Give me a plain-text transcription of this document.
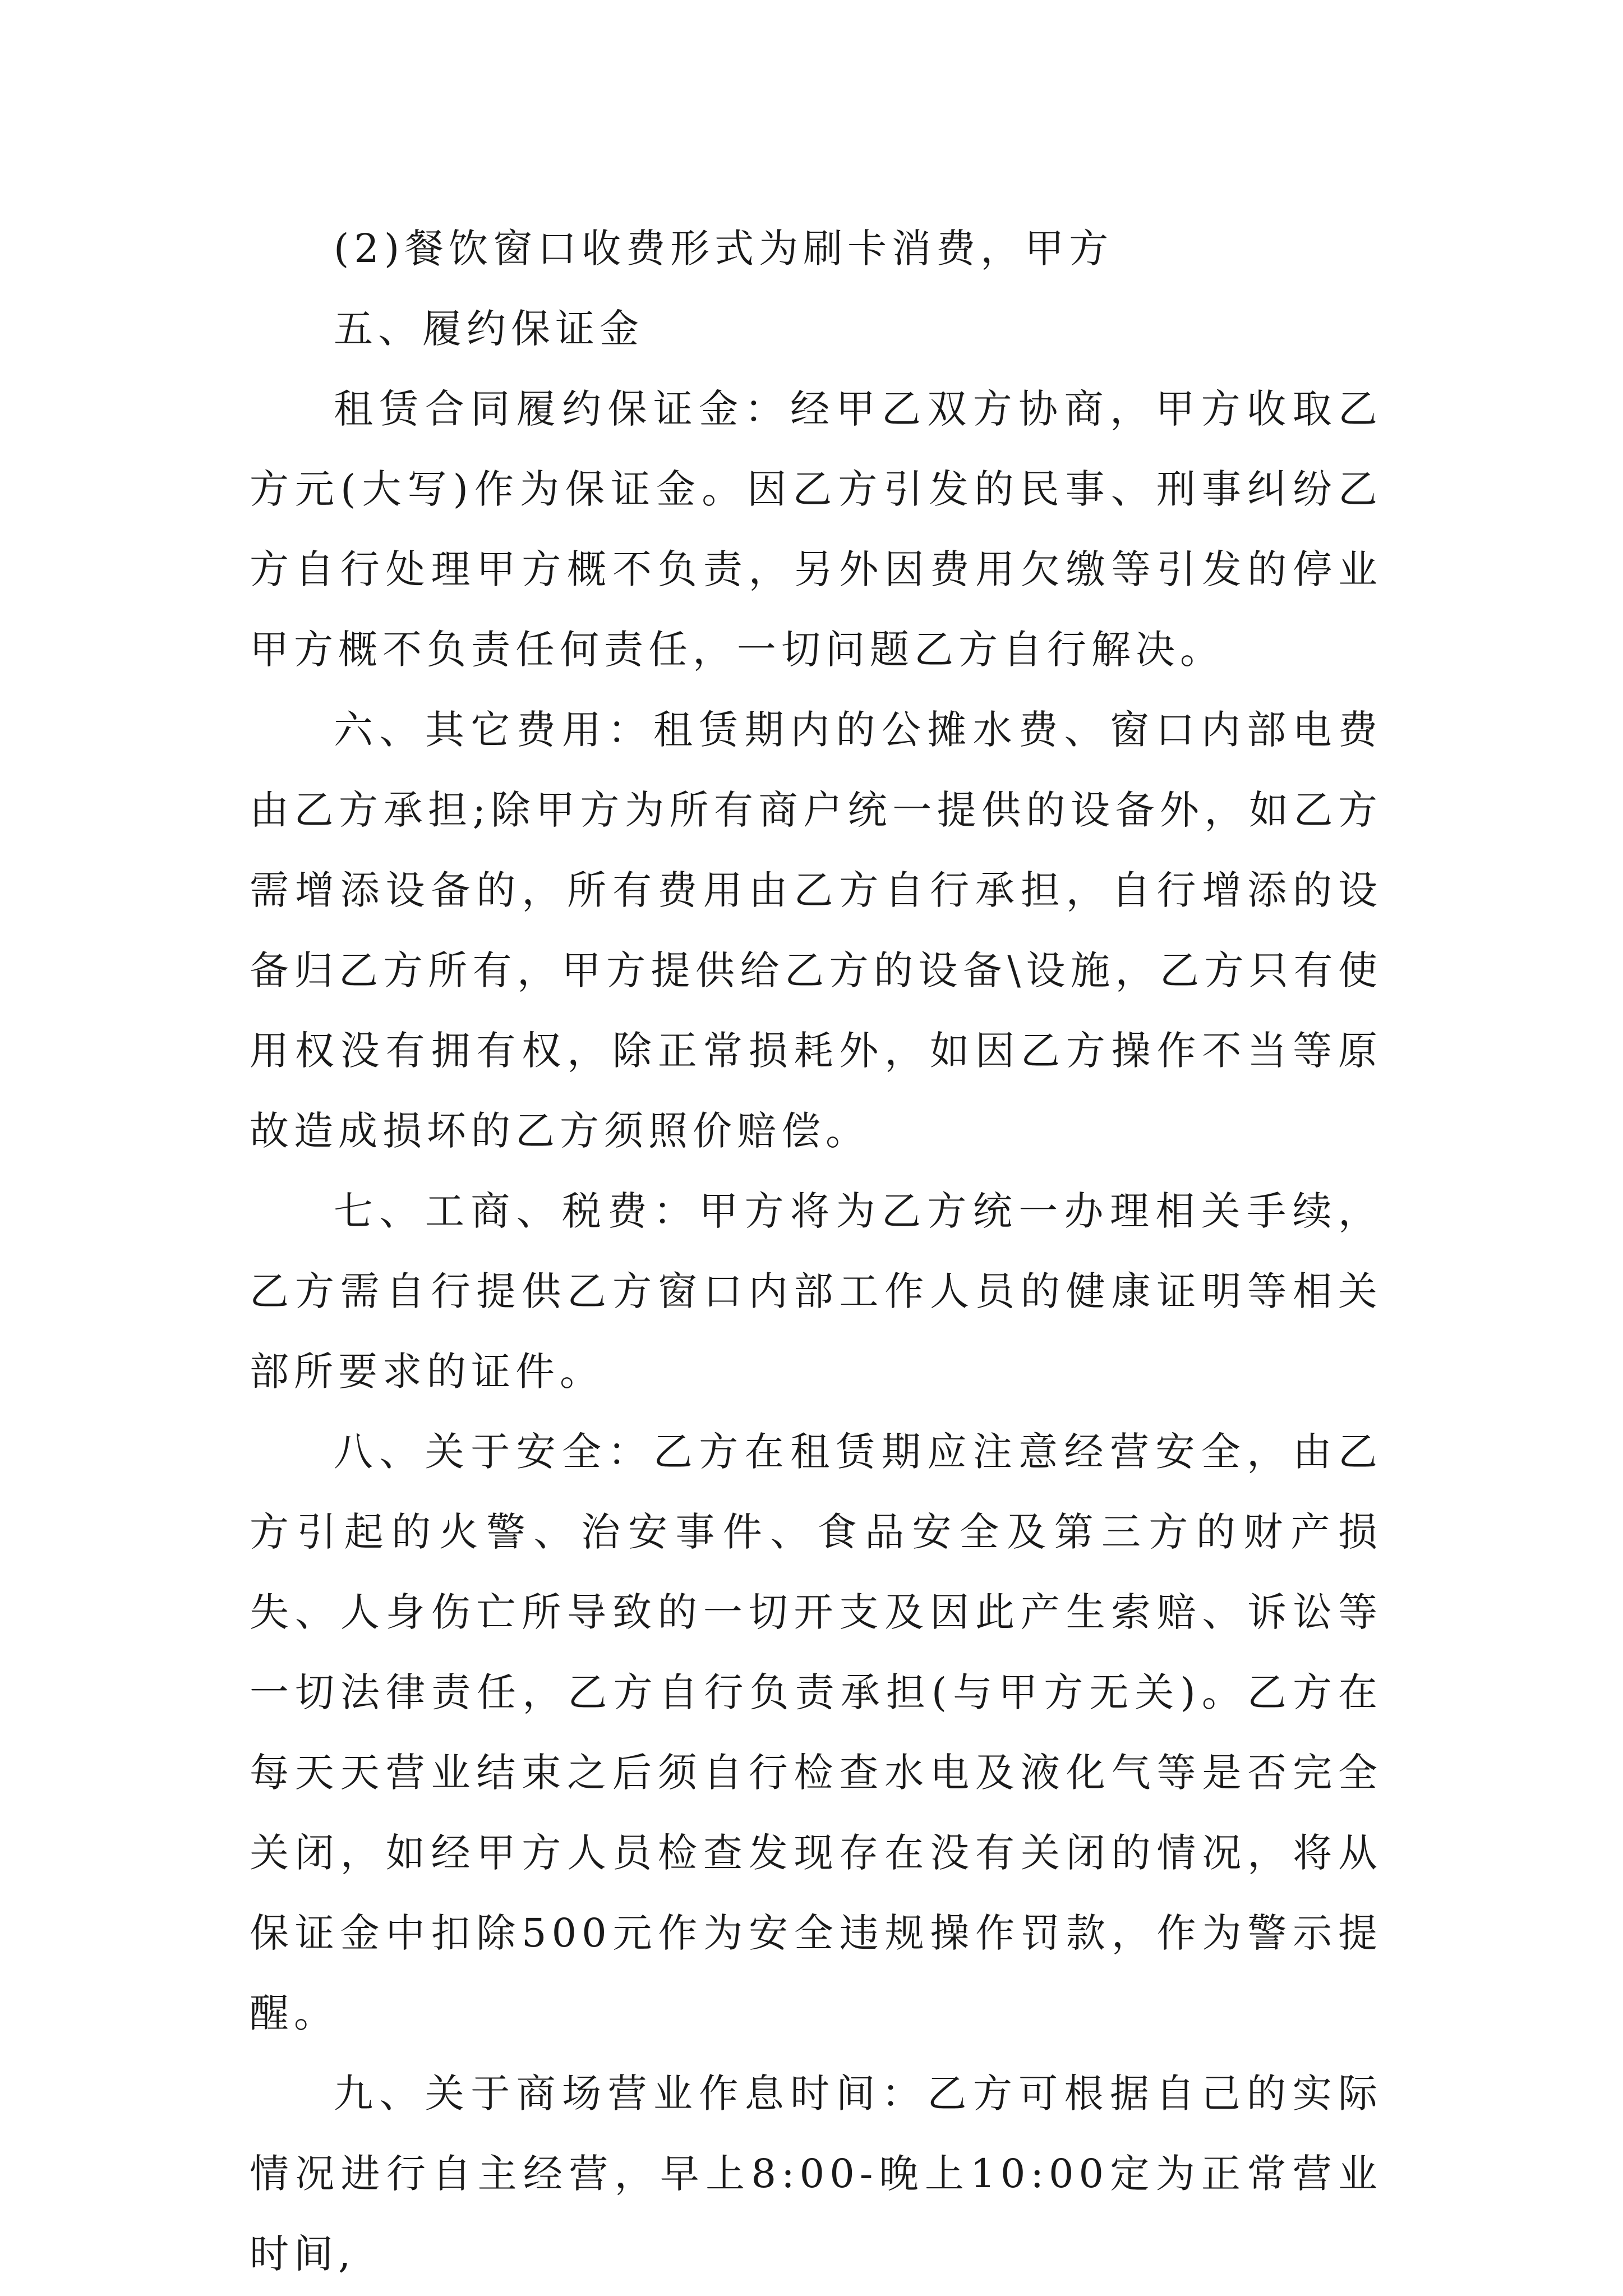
(2)餐饮窗口收费形式为刷卡消费，甲方

五、履约保证金

租赁合同履约保证金：经甲乙双方协商，甲方收取乙方元(大写)作为保证金。因乙方引发的民事、刑事纠纷乙方自行处理甲方概不负责，另外因费用欠缴等引发的停业甲方概不负责任何责任，一切问题乙方自行解决。

六、其它费用：租赁期内的公摊水费、窗口内部电费由乙方承担;除甲方为所有商户统一提供的设备外，如乙方需增添设备的，所有费用由乙方自行承担，自行增添的设备归乙方所有，甲方提供给乙方的设备\设施，乙方只有使用权没有拥有权，除正常损耗外，如因乙方操作不当等原故造成损坏的乙方须照价赔偿。

七、工商、税费：甲方将为乙方统一办理相关手续，乙方需自行提供乙方窗口内部工作人员的健康证明等相关部所要求的证件。

八、关于安全：乙方在租赁期应注意经营安全，由乙方引起的火警、治安事件、食品安全及第三方的财产损失、人身伤亡所导致的一切开支及因此产生索赔、诉讼等一切法律责任，乙方自行负责承担(与甲方无关)。乙方在每天天营业结束之后须自行检查水电及液化气等是否完全关闭，如经甲方人员检查发现存在没有关闭的情况，将从保证金中扣除500元作为安全违规操作罚款，作为警示提醒。

九、关于商场营业作息时间：乙方可根据自己的实际情况进行自主经营，早上8:00-晚上10:00定为正常营业时间,
